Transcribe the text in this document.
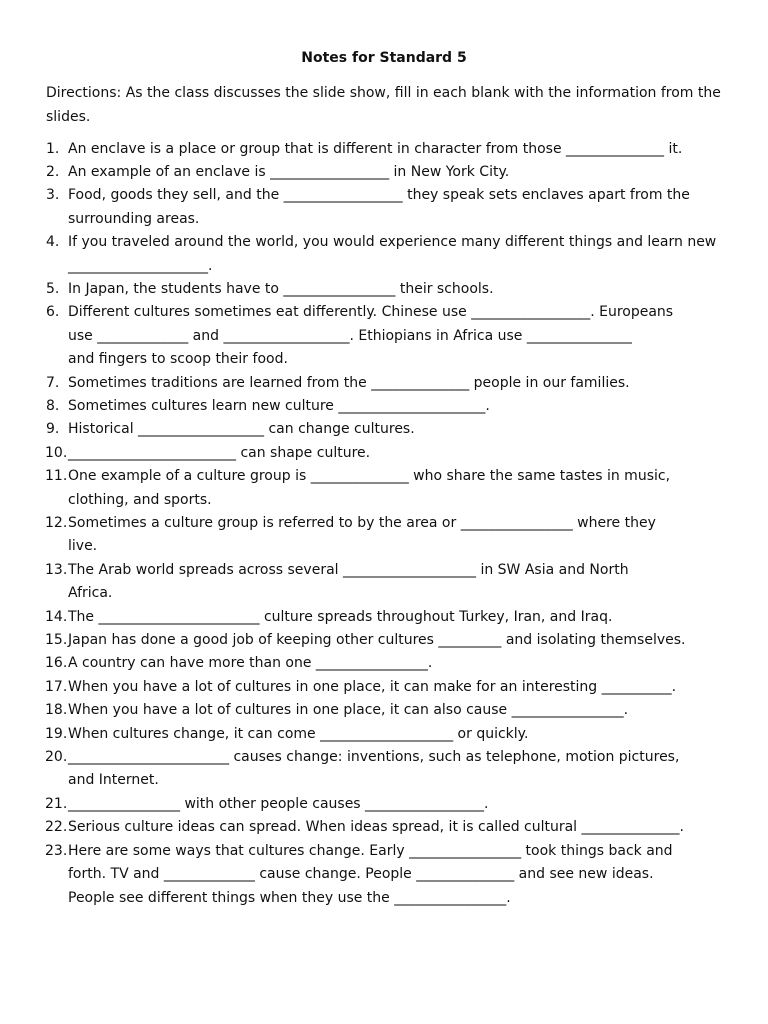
Notes for Standard 5
Directions: As the class discusses the slide show, fill in each blank with the information from the slides.
1. An enclave is a place or group that is different in character from those ______________ it.
2. An example of an enclave is _________________ in New York City.
3. Food, goods they sell, and the _________________ they speak sets enclaves apart from the
surrounding areas.
4. If you traveled around the world, you would experience many different things and learn new
____________________.
5. In Japan, the students have to ________________ their schools.
6. Different cultures sometimes eat differently. Chinese use _________________. Europeans
use _____________ and __________________. Ethiopians in Africa use _______________
and fingers to scoop their food.
7. Sometimes traditions are learned from the ______________ people in our families.
8. Sometimes cultures learn new culture _____________________.
9. Historical __________________ can change cultures.
10. ________________________ can shape culture.
11. One example of a culture group is ______________ who share the same tastes in music,
clothing, and sports.
12. Sometimes a culture group is referred to by the area or ________________ where they
live.
13. The Arab world spreads across several ___________________ in SW Asia and North
Africa.
14. The _______________________ culture spreads throughout Turkey, Iran, and Iraq.
15. Japan has done a good job of keeping other cultures _________ and isolating themselves.
16. A country can have more than one ________________.
17. When you have a lot of cultures in one place, it can make for an interesting __________.
18. When you have a lot of cultures in one place, it can also cause ________________.
19. When cultures change, it can come ___________________ or quickly.
20. _______________________ causes change: inventions, such as telephone, motion pictures,
and Internet.
21. ________________ with other people causes _________________.
22. Serious culture ideas can spread. When ideas spread, it is called cultural ______________.
23. Here are some ways that cultures change. Early ________________ took things back and
forth. TV and _____________ cause change. People ______________ and see new ideas.
People see different things when they use the ________________.
